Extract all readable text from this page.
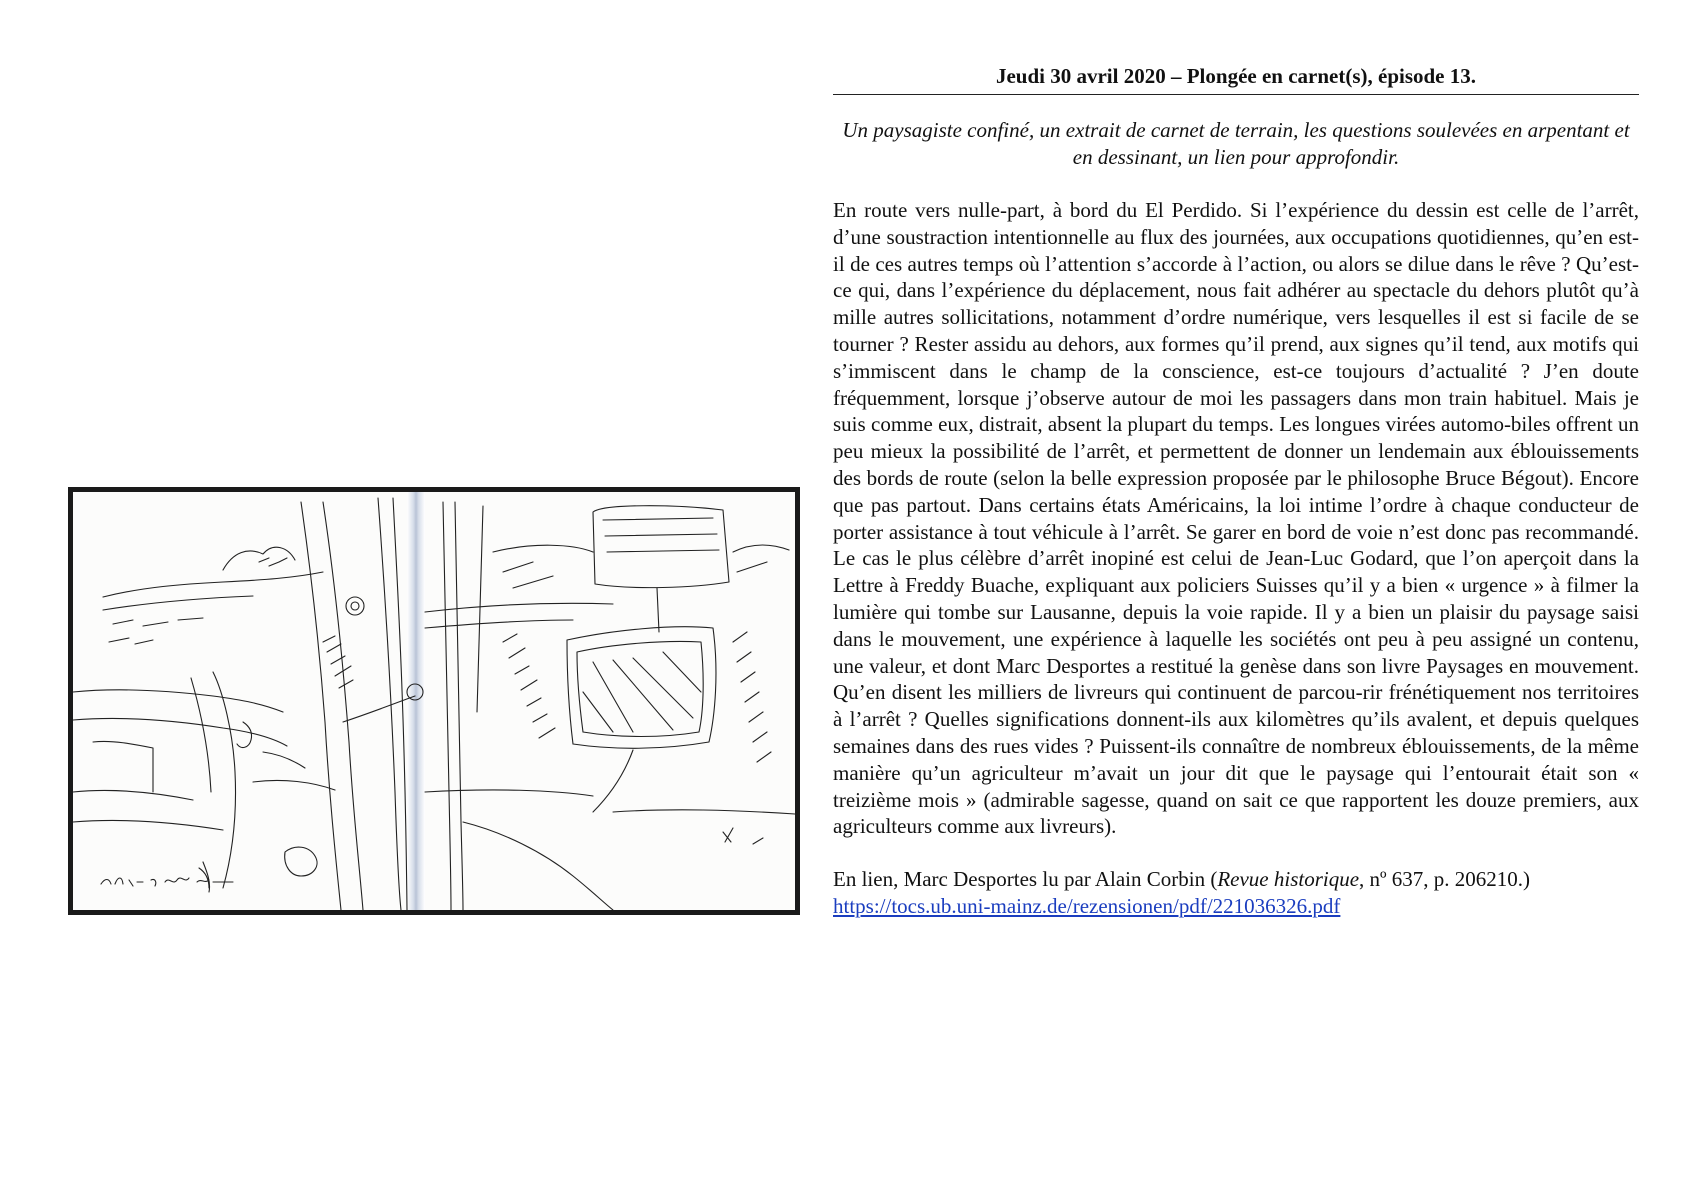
Jeudi 30 avril 2020 – Plongée en carnet(s), épisode 13.

Un paysagiste confiné, un extrait de carnet de terrain, les questions soulevées en arpentant et en dessinant, un lien pour approfondir.

En route vers nulle-part, à bord du El Perdido. Si l’expérience du dessin est celle de l’arrêt, d’une soustraction intentionnelle au flux des journées, aux occupations quotidiennes, qu’en est-il de ces autres temps où l’attention s’accorde à l’action, ou alors se dilue dans le rêve ? Qu’est-ce qui, dans l’expérience du déplacement, nous fait adhérer au spectacle du dehors plutôt qu’à mille autres sollicitations, notamment d’ordre numérique, vers lesquelles il est si facile de se tourner ? Rester assidu au dehors, aux formes qu’il prend, aux signes qu’il tend, aux motifs qui s’immiscent dans le champ de la conscience, est-ce toujours d’actualité ? J’en doute fréquemment, lorsque j’observe autour de moi les passagers dans mon train habituel. Mais je suis comme eux, distrait, absent la plupart du temps. Les longues virées automo-biles offrent un peu mieux la possibilité de l’arrêt, et permettent de donner un lendemain aux éblouissements des bords de route (selon la belle expression proposée par le philosophe Bruce Bégout). Encore que pas partout. Dans certains états Américains, la loi intime l’ordre à chaque conducteur de porter assistance à tout véhicule à l’arrêt. Se garer en bord de voie n’est donc pas recommandé. Le cas le plus célèbre d’arrêt inopiné est celui de Jean-Luc Godard, que l’on aperçoit dans la Lettre à Freddy Buache, expliquant aux policiers Suisses qu’il y a bien « urgence » à filmer la lumière qui tombe sur Lausanne, depuis la voie rapide. Il y a bien un plaisir du paysage saisi dans le mouvement, une expérience à laquelle les sociétés ont peu à peu assigné un contenu, une valeur, et dont Marc Desportes a restitué la genèse dans son livre Paysages en mouvement. Qu’en disent les milliers de livreurs qui continuent de parcou-rir frénétiquement nos territoires à l’arrêt ? Quelles significations donnent-ils aux kilomètres qu’ils avalent, et depuis quelques semaines dans des rues vides ? Puissent-ils connaître de nombreux éblouissements, de la même manière qu’un agriculteur m’avait un jour dit que le paysage qui l’entourait était son « treizième mois » (admirable sagesse, quand on sait ce que rapportent les douze premiers, aux agriculteurs comme aux livreurs).

En lien, Marc Desportes lu par Alain Corbin (Revue historique, nº 637, p. 206210.)
https://tocs.ub.uni-mainz.de/rezensionen/pdf/221036326.pdf
